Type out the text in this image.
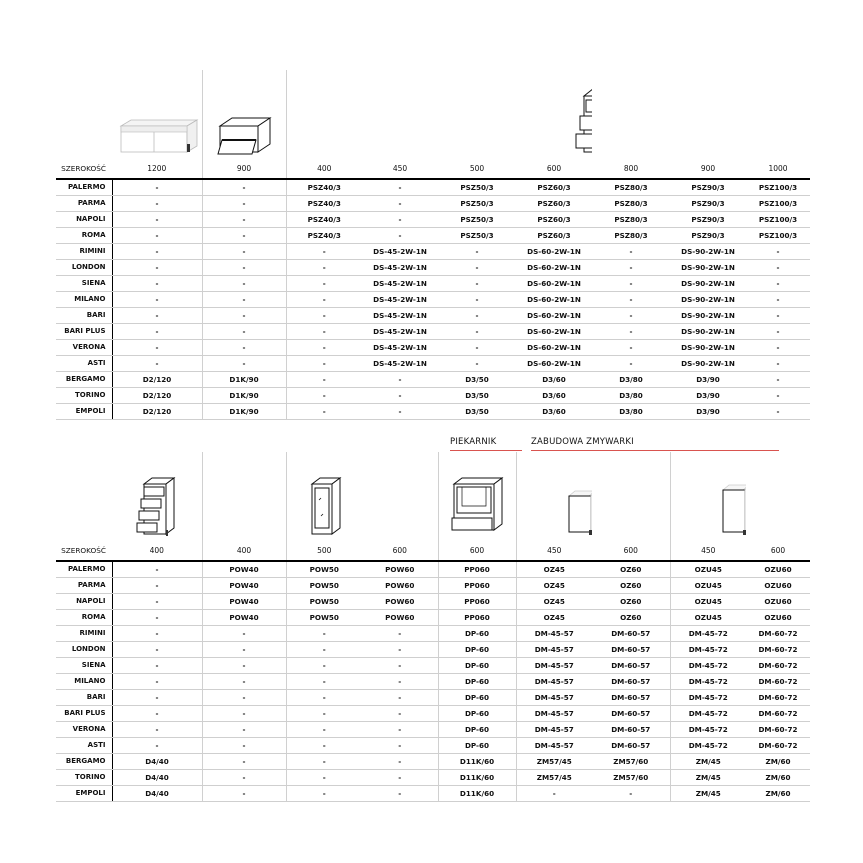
PIEKARNIK	ZABUDOWA ZMYWARKI

SZEROKOŚĆ	1200	900	400	450	500	600	800	900	1000
PALERMO	-	-	PSZ40/3	-	PSZ50/3	PSZ60/3	PSZ80/3	PSZ90/3	PSZ100/3
PARMA	-	-	PSZ40/3	-	PSZ50/3	PSZ60/3	PSZ80/3	PSZ90/3	PSZ100/3
NAPOLI	-	-	PSZ40/3	-	PSZ50/3	PSZ60/3	PSZ80/3	PSZ90/3	PSZ100/3
ROMA	-	-	PSZ40/3	-	PSZ50/3	PSZ60/3	PSZ80/3	PSZ90/3	PSZ100/3
RIMINI	-	-	-	DS-45-2W-1N	-	DS-60-2W-1N	-	DS-90-2W-1N	-
LONDON	-	-	-	DS-45-2W-1N	-	DS-60-2W-1N	-	DS-90-2W-1N	-
SIENA	-	-	-	DS-45-2W-1N	-	DS-60-2W-1N	-	DS-90-2W-1N	-
MILANO	-	-	-	DS-45-2W-1N	-	DS-60-2W-1N	-	DS-90-2W-1N	-
BARI	-	-	-	DS-45-2W-1N	-	DS-60-2W-1N	-	DS-90-2W-1N	-
BARI PLUS	-	-	-	DS-45-2W-1N	-	DS-60-2W-1N	-	DS-90-2W-1N	-
VERONA	-	-	-	DS-45-2W-1N	-	DS-60-2W-1N	-	DS-90-2W-1N	-
ASTI	-	-	-	DS-45-2W-1N	-	DS-60-2W-1N	-	DS-90-2W-1N	-
BERGAMO	D2/120	D1K/90	-	-	D3/50	D3/60	D3/80	D3/90	-
TORINO	D2/120	D1K/90	-	-	D3/50	D3/60	D3/80	D3/90	-
EMPOLI	D2/120	D1K/90	-	-	D3/50	D3/60	D3/80	D3/90	-

SZEROKOŚĆ	400	400	500	600	600	450	600	450	600
PALERMO	-	POW40	POW50	POW60	PP060	OZ45	OZ60	OZU45	OZU60
PARMA	-	POW40	POW50	POW60	PP060	OZ45	OZ60	OZU45	OZU60
NAPOLI	-	POW40	POW50	POW60	PP060	OZ45	OZ60	OZU45	OZU60
ROMA	-	POW40	POW50	POW60	PP060	OZ45	OZ60	OZU45	OZU60
RIMINI	-	-	-	-	DP-60	DM-45-57	DM-60-57	DM-45-72	DM-60-72
LONDON	-	-	-	-	DP-60	DM-45-57	DM-60-57	DM-45-72	DM-60-72
SIENA	-	-	-	-	DP-60	DM-45-57	DM-60-57	DM-45-72	DM-60-72
MILANO	-	-	-	-	DP-60	DM-45-57	DM-60-57	DM-45-72	DM-60-72
BARI	-	-	-	-	DP-60	DM-45-57	DM-60-57	DM-45-72	DM-60-72
BARI PLUS	-	-	-	-	DP-60	DM-45-57	DM-60-57	DM-45-72	DM-60-72
VERONA	-	-	-	-	DP-60	DM-45-57	DM-60-57	DM-45-72	DM-60-72
ASTI	-	-	-	-	DP-60	DM-45-57	DM-60-57	DM-45-72	DM-60-72
BERGAMO	D4/40	-	-	-	D11K/60	ZM57/45	ZM57/60	ZM/45	ZM/60
TORINO	D4/40	-	-	-	D11K/60	ZM57/45	ZM57/60	ZM/45	ZM/60
EMPOLI	D4/40	-	-	-	D11K/60	-	-	ZM/45	ZM/60
